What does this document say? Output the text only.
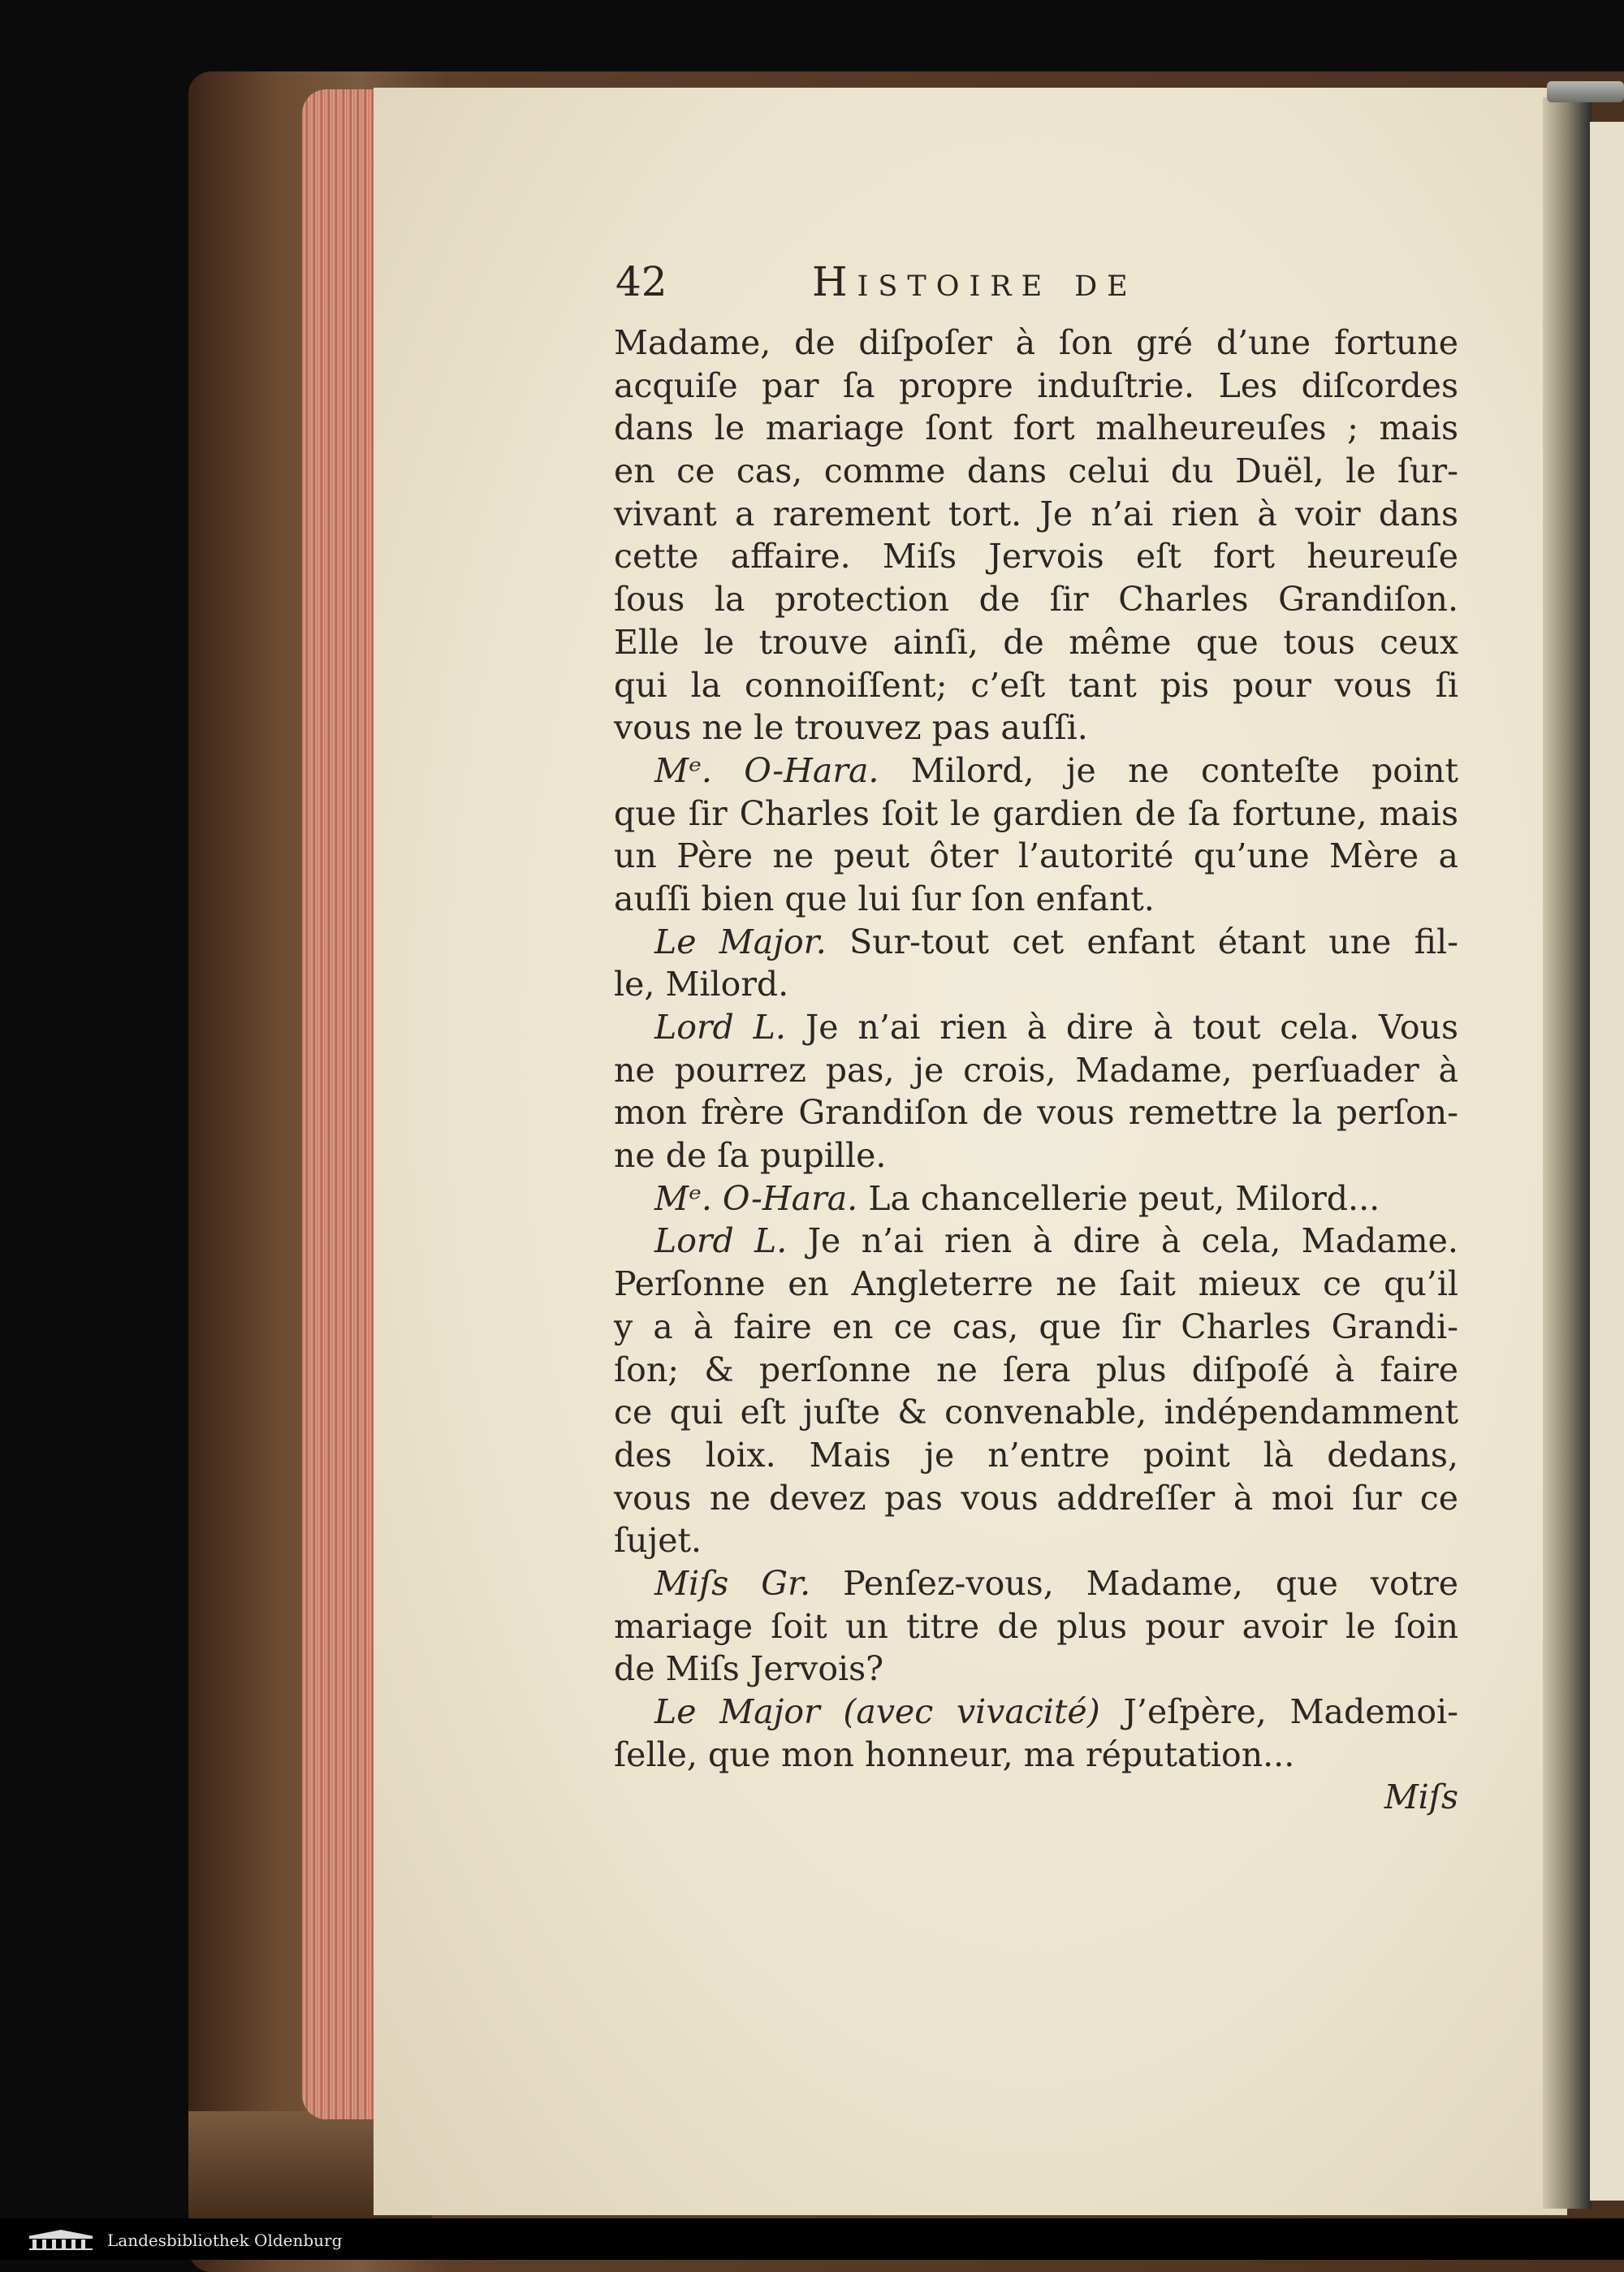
42	Histoire de
Madame, de diſpoſer à ſon gré d’une fortune
acquiſe par ſa propre induſtrie. Les diſcordes
dans le mariage ſont fort malheureuſes ; mais
en ce cas, comme dans celui du Duël, le ſur-
vivant a rarement tort. Je n’ai rien à voir dans
cette affaire. Miſs Jervois eſt fort heureuſe
ſous la protection de ſir Charles Grandiſon.
Elle le trouve ainſi, de même que tous ceux
qui la connoiſſent; c’eſt tant pis pour vous ſi
vous ne le trouvez pas auſſi.
Mᵉ. O-Hara. Milord, je ne conteſte point
que ſir Charles ſoit le gardien de ſa fortune, mais
un Père ne peut ôter l’autorité qu’une Mère a
auſſi bien que lui ſur ſon enfant.
Le Major. Sur-tout cet enfant étant une fil-
le, Milord.
Lord L. Je n’ai rien à dire à tout cela. Vous
ne pourrez pas, je crois, Madame, perſuader à
mon frère Grandiſon de vous remettre la perſon-
ne de ſa pupille.
Mᵉ. O-Hara. La chancellerie peut, Milord...
Lord L. Je n’ai rien à dire à cela, Madame.
Perſonne en Angleterre ne ſait mieux ce qu’il
y a à faire en ce cas, que ſir Charles Grandi-
ſon; & perſonne ne ſera plus diſpoſé à faire
ce qui eſt juſte & convenable, indépendamment
des loix. Mais je n’entre point là dedans,
vous ne devez pas vous addreſſer à moi ſur ce
ſujet.
Miſs Gr. Penſez-vous, Madame, que votre
mariage ſoit un titre de plus pour avoir le ſoin
de Miſs Jervois?
Le Major (avec vivacité) J’eſpère, Mademoi-
ſelle, que mon honneur, ma réputation...
Miſs
Landesbibliothek Oldenburg
